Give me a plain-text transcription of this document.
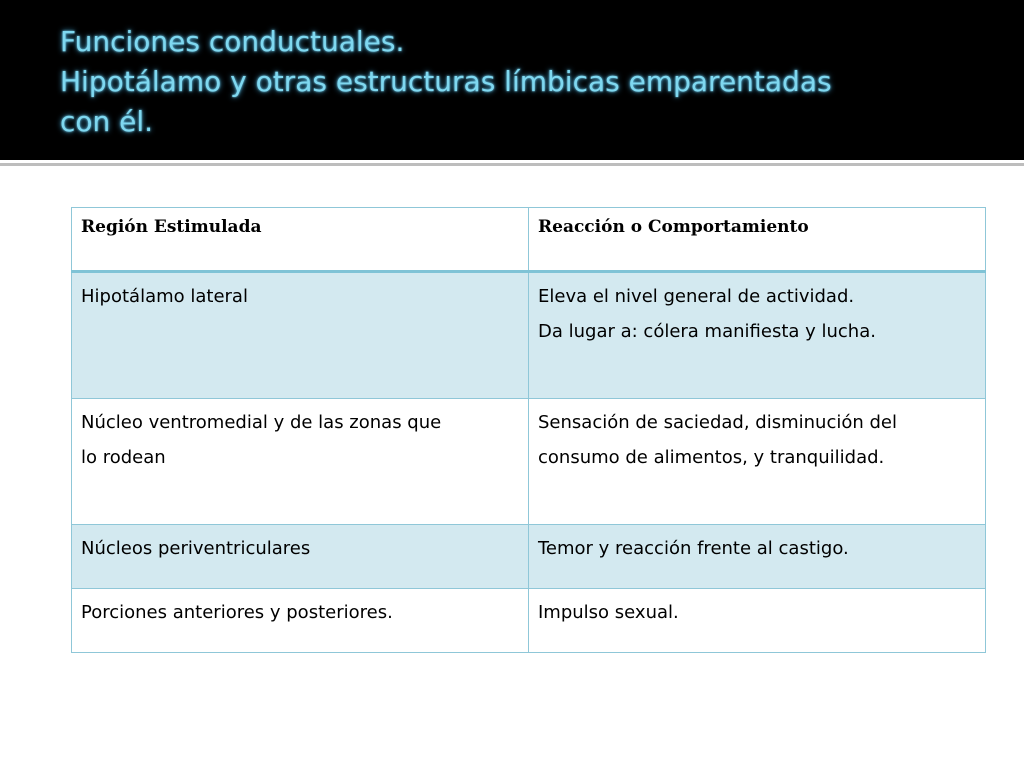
Funciones conductuales.
Hipotálamo y otras estructuras límbicas emparentadas
con él.
Región Estimulada	Reacción o Comportamiento
Hipotálamo lateral	Eleva el nivel general de actividad.
Da lugar a: cólera manifiesta y lucha.

Núcleo ventromedial y de las zonas que
lo rodean	Sensación de saciedad, disminución del
consumo de alimentos, y tranquilidad.

Núcleos periventriculares	Temor y reacción frente al castigo.
Porciones anteriores y posteriores.	Impulso sexual.
